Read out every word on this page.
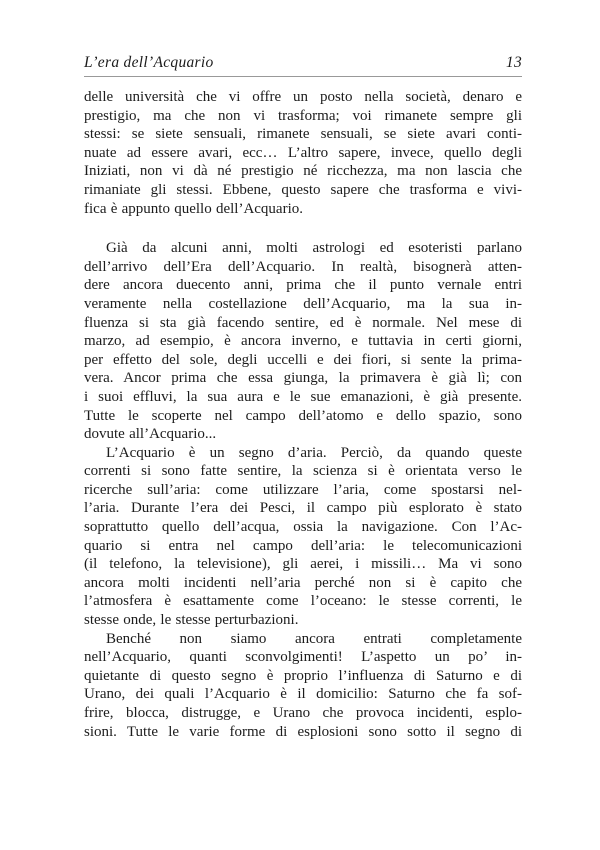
L’era dell’Acquario	13
delle università che vi offre un posto nella società, denaro e
prestigio, ma che non vi trasforma; voi rimanete sempre gli
stessi: se siete sensuali, rimanete sensuali, se siete avari conti-
nuate ad essere avari, ecc… L’altro sapere, invece, quello degli
Iniziati, non vi dà né prestigio né ricchezza, ma non lascia che
rimaniate gli stessi. Ebbene, questo sapere che trasforma e vivi-
fica è appunto quello dell’Acquario.
Già da alcuni anni, molti astrologi ed esoteristi parlano
dell’arrivo dell’Era dell’Acquario. In realtà, bisognerà atten-
dere ancora duecento anni, prima che il punto vernale entri
veramente nella costellazione dell’Acquario, ma la sua in-
fluenza si sta già facendo sentire, ed è normale. Nel mese di
marzo, ad esempio, è ancora inverno, e tuttavia in certi giorni,
per effetto del sole, degli uccelli e dei fiori, si sente la prima-
vera. Ancor prima che essa giunga, la primavera è già lì; con
i suoi effluvi, la sua aura e le sue emanazioni, è già presente.
Tutte le scoperte nel campo dell’atomo e dello spazio, sono
dovute all’Acquario...
L’Acquario è un segno d’aria. Perciò, da quando queste
correnti si sono fatte sentire, la scienza si è orientata verso le
ricerche sull’aria: come utilizzare l’aria, come spostarsi nel-
l’aria. Durante l’era dei Pesci, il campo più esplorato è stato
soprattutto quello dell’acqua, ossia la navigazione. Con l’Ac-
quario si entra nel campo dell’aria: le telecomunicazioni
(il telefono, la televisione), gli aerei, i missili… Ma vi sono
ancora molti incidenti nell’aria perché non si è capito che
l’atmosfera è esattamente come l’oceano: le stesse correnti, le
stesse onde, le stesse perturbazioni.
Benché non siamo ancora entrati completamente
nell’Acquario, quanti sconvolgimenti! L’aspetto un po’ in-
quietante di questo segno è proprio l’influenza di Saturno e di
Urano, dei quali l’Acquario è il domicilio: Saturno che fa sof-
frire, blocca, distrugge, e Urano che provoca incidenti, esplo-
sioni. Tutte le varie forme di esplosioni sono sotto il segno di
